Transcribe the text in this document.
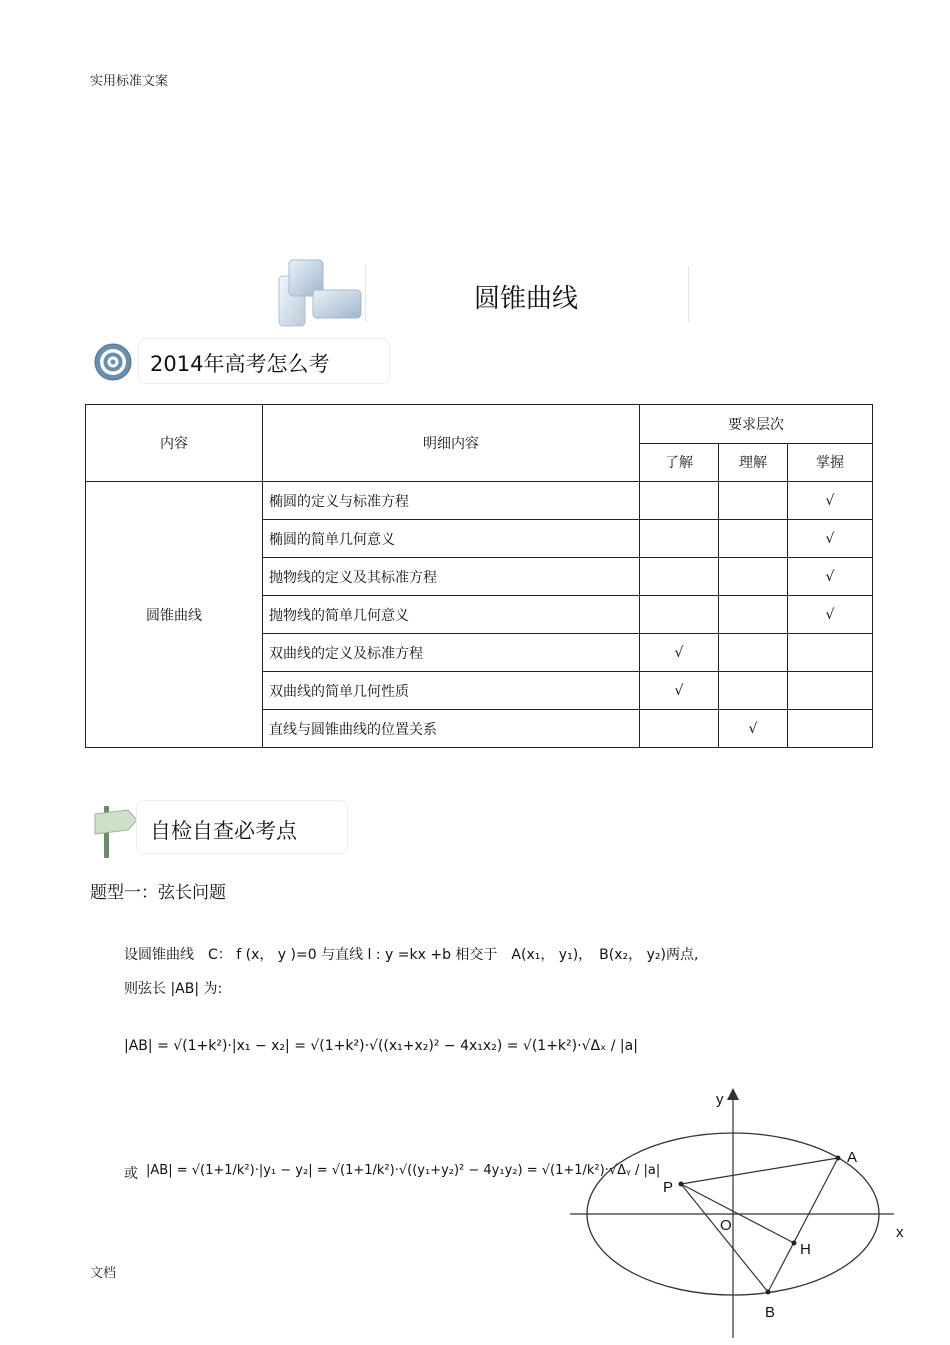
实用标准文案
文档
圆锥曲线
2014年高考怎么考
内容	明细内容	要求层次		
		了解	理解	掌握
圆锥曲线	椭圆的定义与标准方程			√
	椭圆的简单几何意义			√
	抛物线的定义及其标准方程			√
	抛物线的简单几何意义			√
	双曲线的定义及标准方程	√		
	双曲线的简单几何性质	√		
	直线与圆锥曲线的位置关系		√	
自检自查必考点
题型一：弦长问题
设圆锥曲线　C： f (x， y )=0 与直线 l : y =kx +b 相交于　A(x₁， y₁)，　B(x₂， y₂)两点,
则弦长 |AB| 为:
|AB| = √(1+k²)·|x₁ − x₂| = √(1+k²)·√((x₁+x₂)² − 4x₁x₂) = √(1+k²)·√Δₓ / |a|
或 |AB| = √(1+1/k²)·|y₁ − y₂| = √(1+1/k²)·√((y₁+y₂)² − 4y₁y₂) = √(1+1/k²)·√Δᵧ / |a|
y
x
A
B
P
H
O
